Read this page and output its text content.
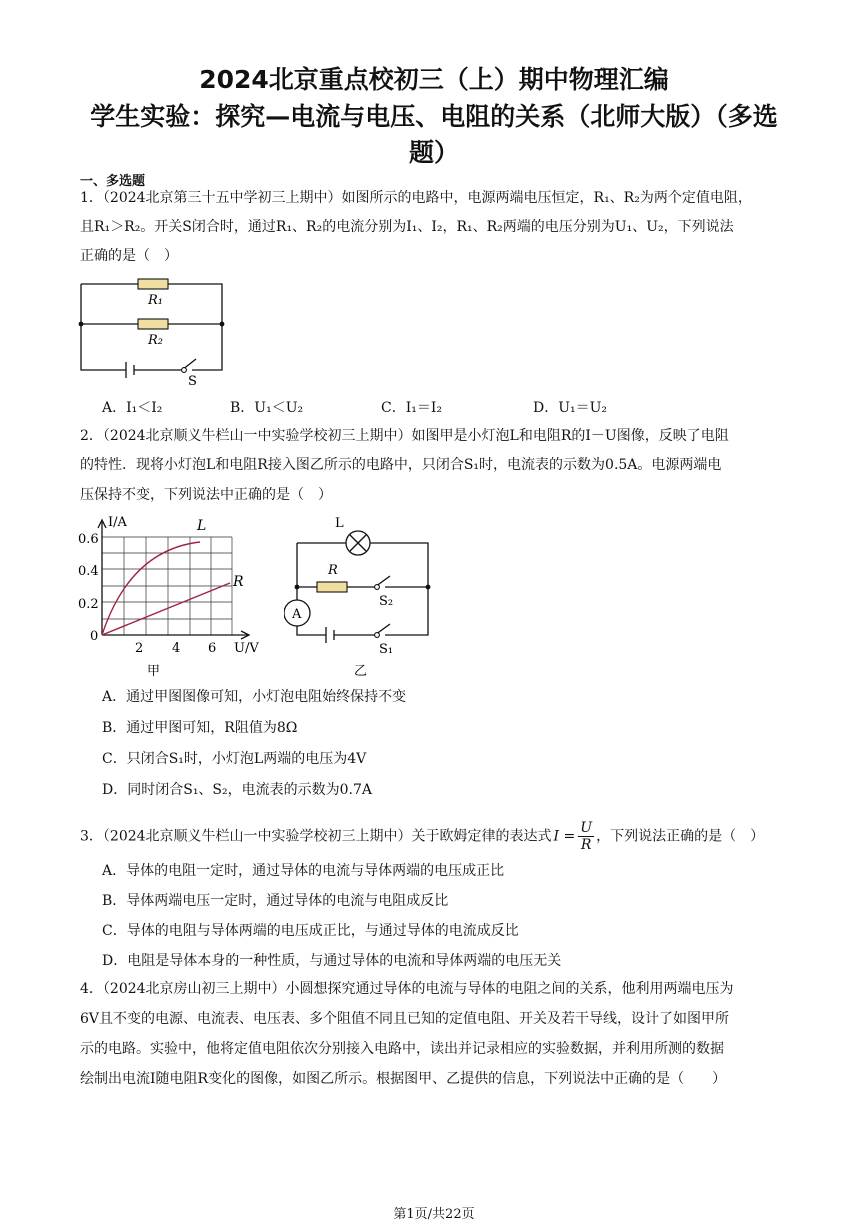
2024北京重点校初三（上）期中物理汇编
学生实验：探究—电流与电压、电阻的关系（北师大版）（多选
题）
一、多选题
1．（2024北京第三十五中学初三上期中）如图所示的电路中，电源两端电压恒定，R₁、R₂为两个定值电阻，
且R₁＞R₂。开关S闭合时，通过R₁、R₂的电流分别为I₁、I₂，R₁、R₂两端的电压分别为U₁、U₂，下列说法
正确的是（　）
R₁
R₂
S
A．I₁＜I₂	B．U₁＜U₂	C．I₁＝I₂	D．U₁＝U₂
2．（2024北京顺义牛栏山一中实验学校初三上期中）如图甲是小灯泡L和电阻R的I－U图像，反映了电阻
的特性．现将小灯泡L和电阻R接入图乙所示的电路中，只闭合S₁时，电流表的示数为0.5A。电源两端电
压保持不变，下列说法中正确的是（　）
I/A
0.6
0.4
0.2
0
2 4 6 U/V
L
R
甲
L
R
A
S₂
S₁
乙
A．通过甲图图像可知，小灯泡电阻始终保持不变
B．通过甲图可知，R阻值为8Ω
C．只闭合S₁时，小灯泡L两端的电压为4V
D．同时闭合S₁、S₂，电流表的示数为0.7A
3．（2024北京顺义牛栏山一中实验学校初三上期中）关于欧姆定律的表达式 $I = \frac{U}{R}$ ，下列说法正确的是（　）
A．导体的电阻一定时，通过导体的电流与导体两端的电压成正比
B．导体两端电压一定时，通过导体的电流与电阻成反比
C．导体的电阻与导体两端的电压成正比，与通过导体的电流成反比
D．电阻是导体本身的一种性质，与通过导体的电流和导体两端的电压无关
4．（2024北京房山初三上期中）小圆想探究通过导体的电流与导体的电阻之间的关系，他利用两端电压为
6V且不变的电源、电流表、电压表、多个阻值不同且已知的定值电阻、开关及若干导线，设计了如图甲所
示的电路。实验中，他将定值电阻依次分别接入电路中，读出并记录相应的实验数据，并利用所测的数据
绘制出电流I随电阻R变化的图像，如图乙所示。根据图甲、乙提供的信息，下列说法中正确的是（　　）
第1页/共22页
